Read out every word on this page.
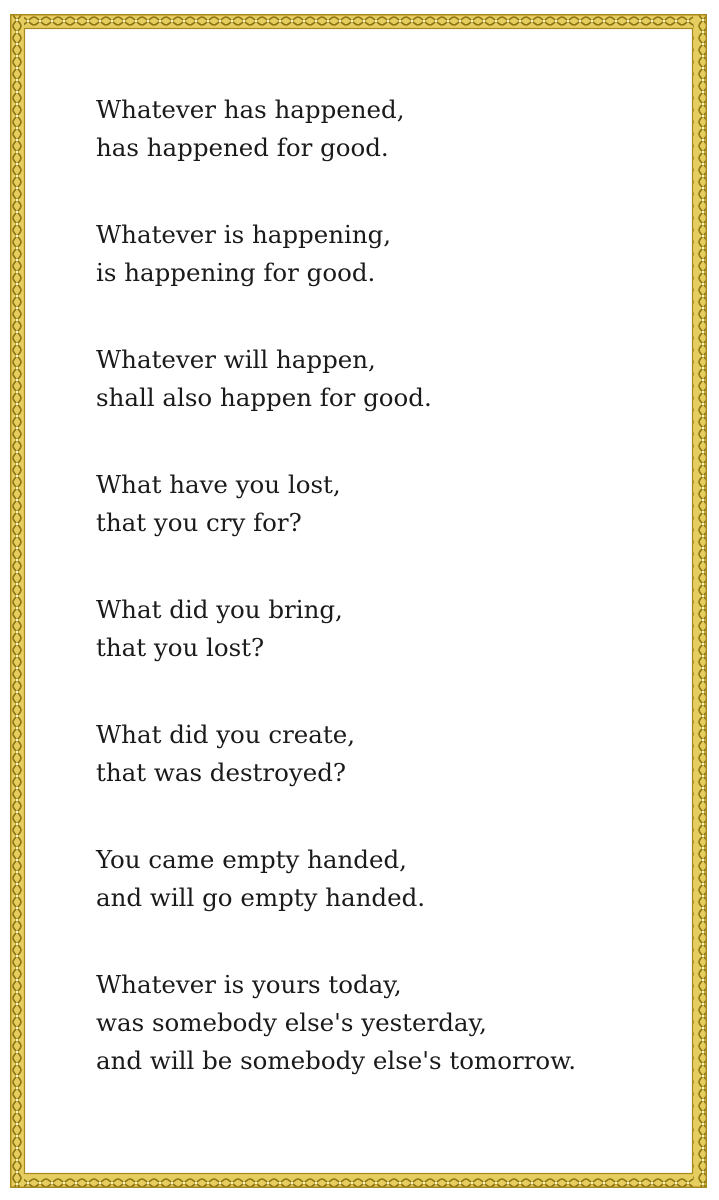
Whatever has happened,
has happened for good.
Whatever is happening,
is happening for good.
Whatever will happen,
shall also happen for good.
What have you lost,
that you cry for?
What did you bring,
that you lost?
What did you create,
that was destroyed?
You came empty handed,
and will go empty handed.
Whatever is yours today,
was somebody else's yesterday,
and will be somebody else's tomorrow.
